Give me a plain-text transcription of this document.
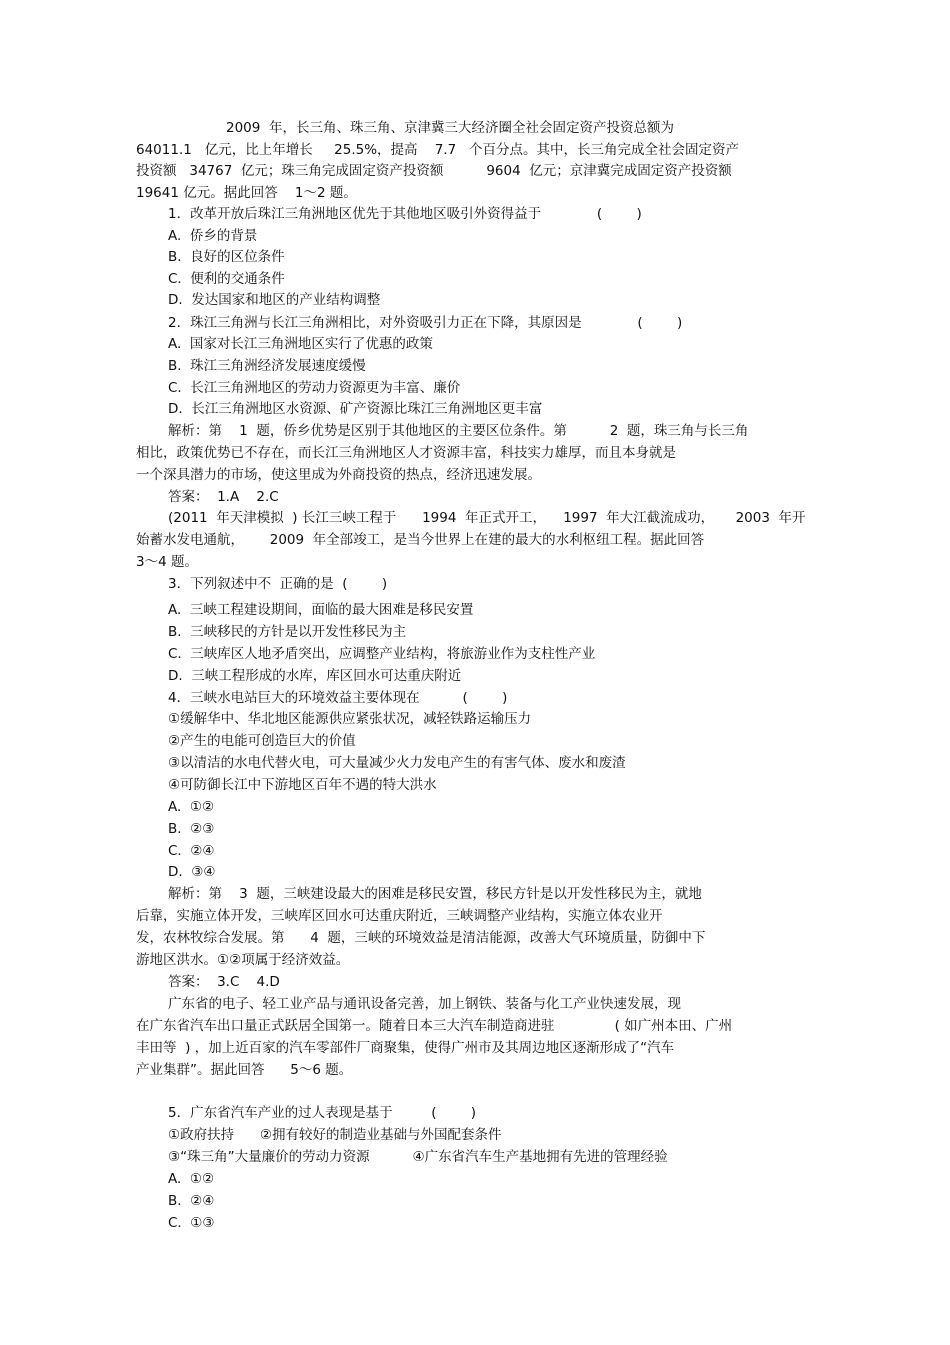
2009  年，长三角、珠三角、京津冀三大经济圈全社会固定资产投资总额为

64011.1   亿元，比上年增长     25.5%，提高    7.7   个百分点。其中，长三角完成全社会固定资产

投资额   34767  亿元；珠三角完成固定资产投资额          9604  亿元；京津冀完成固定资产投资额

19641 亿元。据此回答    1～2 题。

1．改革开放后珠江三角洲地区优先于其他地区吸引外资得益于             (        )

A.  侨乡的背景

B.  良好的区位条件

C.  便利的交通条件

D.  发达国家和地区的产业结构调整

2．珠江三角洲与长江三角洲相比，对外资吸引力正在下降，其原因是             (        )

A.  国家对长江三角洲地区实行了优惠的政策

B.  珠江三角洲经济发展速度缓慢

C.  长江三角洲地区的劳动力资源更为丰富、廉价

D.  长江三角洲地区水资源、矿产资源比珠江三角洲地区更丰富

解析：第    1  题，侨乡优势是区别于其他地区的主要区位条件。第          2  题，珠三角与长三角

相比，政策优势已不存在，而长江三角洲地区人才资源丰富，科技实力雄厚，而且本身就是

一个深具潜力的市场，使这里成为外商投资的热点，经济迅速发展。

答案：  1.A    2.C

(2011  年天津模拟  ) 长江三峡工程于      1994  年正式开工，    1997  年大江截流成功，     2003  年开

始蓄水发电通航，      2009  年全部竣工，是当今世界上在建的最大的水利枢纽工程。据此回答

3～4 题。

3．下列叙述中不  正确的是  (        )

A.  三峡工程建设期间，面临的最大困难是移民安置

B.  三峡移民的方针是以开发性移民为主

C.  三峡库区人地矛盾突出，应调整产业结构，将旅游业作为支柱性产业

D.  三峡工程形成的水库，库区回水可达重庆附近

4．三峡水电站巨大的环境效益主要体现在          (        )

①缓解华中、华北地区能源供应紧张状况，减轻铁路运输压力

②产生的电能可创造巨大的价值

③以清洁的水电代替火电，可大量减少火力发电产生的有害气体、废水和废渣

④可防御长江中下游地区百年不遇的特大洪水

A.  ①②

B.  ②③

C.  ②④

D.  ③④

解析：第    3  题，三峡建设最大的困难是移民安置，移民方针是以开发性移民为主，就地

后靠，实施立体开发，三峡库区回水可达重庆附近，三峡调整产业结构，实施立体农业开

发，农林牧综合发展。第      4  题，三峡的环境效益是清洁能源，改善大气环境质量，防御中下

游地区洪水。①②项属于经济效益。

答案：  3.C    4.D

广东省的电子、轻工业产品与通讯设备完善，加上钢铁、装备与化工产业快速发展，现

在广东省汽车出口量正式跃居全国第一。随着日本三大汽车制造商进驻              ( 如广州本田、广州

丰田等  ) ，加上近百家的汽车零部件厂商聚集，使得广州市及其周边地区逐渐形成了“汽车

产业集群”。据此回答      5～6 题。

5．广东省汽车产业的过人表现是基于         (        )

①政府扶持      ②拥有较好的制造业基础与外国配套条件

③“珠三角”大量廉价的劳动力资源          ④广东省汽车生产基地拥有先进的管理经验

A.  ①②

B.  ②④

C.  ①③
